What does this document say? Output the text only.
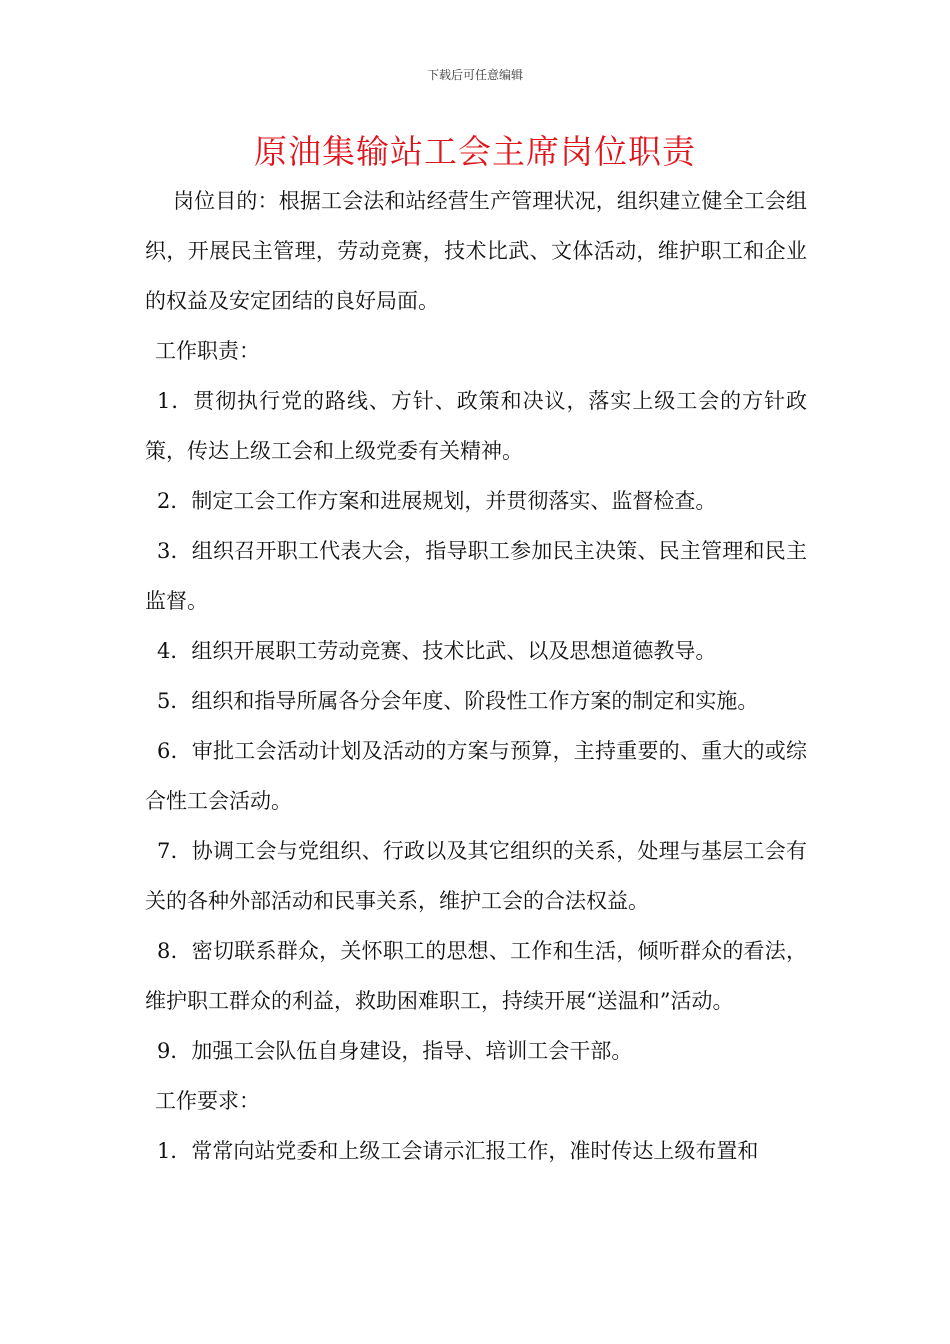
下载后可任意编辑
原油集输站工会主席岗位职责

岗位目的：根据工会法和站经营生产管理状况，组织建立健全工会组织，开展民主管理，劳动竞赛，技术比武、文体活动，维护职工和企业的权益及安定团结的良好局面。

工作职责：

1．贯彻执行党的路线、方针、政策和决议，落实上级工会的方针政策，传达上级工会和上级党委有关精神。

2．制定工会工作方案和进展规划，并贯彻落实、监督检查。

3．组织召开职工代表大会，指导职工参加民主决策、民主管理和民主监督。

4．组织开展职工劳动竞赛、技术比武、以及思想道德教导。

5．组织和指导所属各分会年度、阶段性工作方案的制定和实施。

6．审批工会活动计划及活动的方案与预算，主持重要的、重大的或综合性工会活动。

7．协调工会与党组织、行政以及其它组织的关系，处理与基层工会有关的各种外部活动和民事关系，维护工会的合法权益。

8．密切联系群众，关怀职工的思想、工作和生活，倾听群众的看法，维护职工群众的利益，救助困难职工，持续开展“送温和”活动。

9．加强工会队伍自身建设，指导、培训工会干部。

工作要求：

1．常常向站党委和上级工会请示汇报工作，准时传达上级布置和
